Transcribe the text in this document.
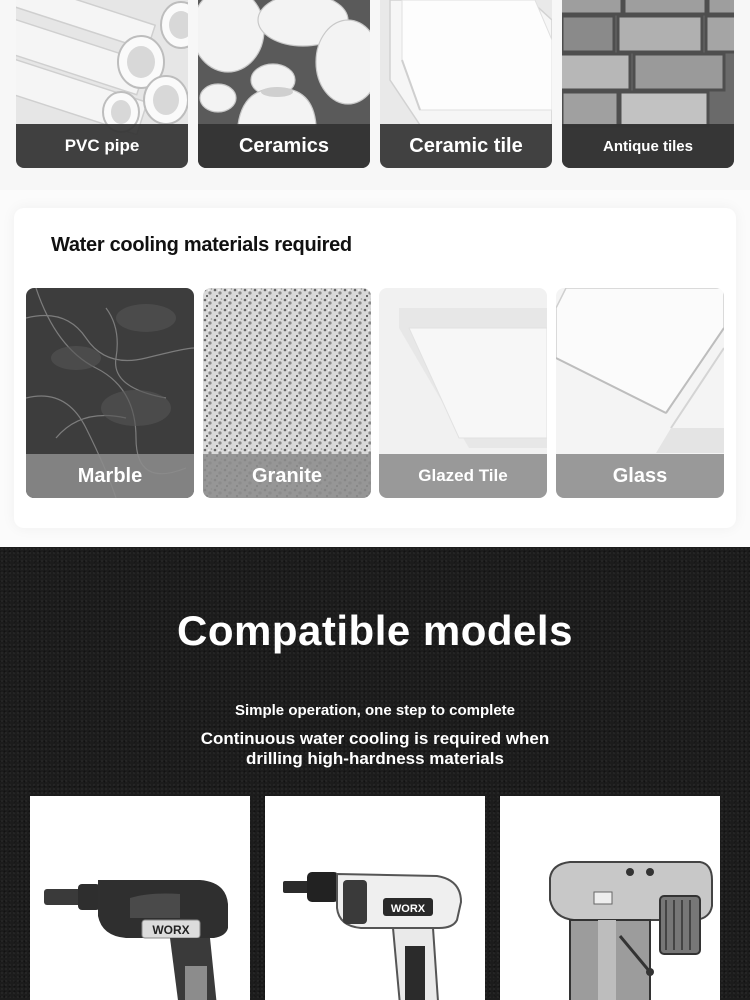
PVC pipe	Ceramics	Ceramic tile	Antique tiles
Water cooling materials required
Marble	Granite	Glazed Tile	Glass
Compatible models

Simple operation, one step to complete

Continuous water cooling is required when
drilling high-hardness materials
WORX
WORX
